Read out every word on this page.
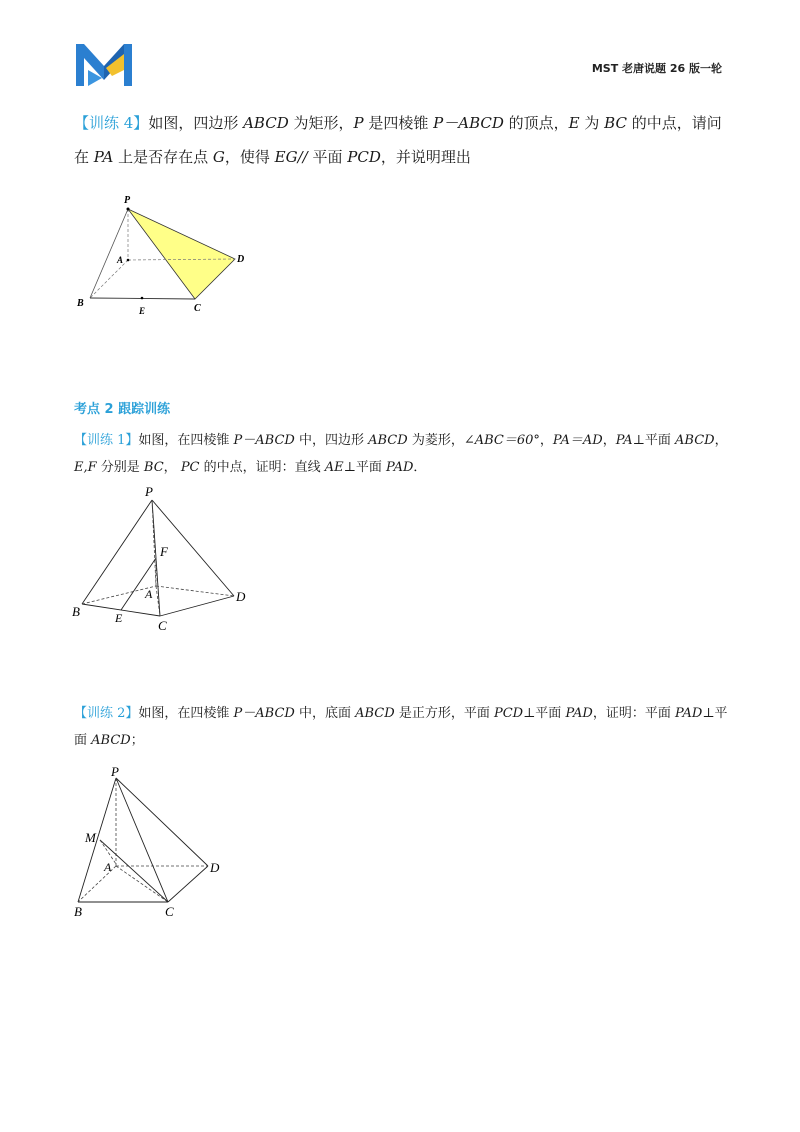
MST 老唐说题 26 版一轮
【训练 4】如图，四边形 ABCD 为矩形，P 是四棱锥 P－ABCD 的顶点，E 为 BC 的中点，请问在 PA 上是否存在点 G，使得 EG// 平面 PCD，并说明理出
P
A	D
B
E	C
考点 2 跟踪训练
【训练 1】如图，在四棱锥 P－ABCD 中，四边形 ABCD 为菱形，∠ABC＝60°，PA＝AD，PA⊥平面 ABCD，
E,F 分别是 BC， PC 的中点，证明：直线 AE⊥平面 PAD．
P
F
A	D
B	E	C
【训练 2】如图，在四棱锥 P－ABCD 中，底面 ABCD 是正方形，平面 PCD⊥平面 PAD，证明：平面 PAD⊥平面 ABCD；
P
M
A	D
B	C
